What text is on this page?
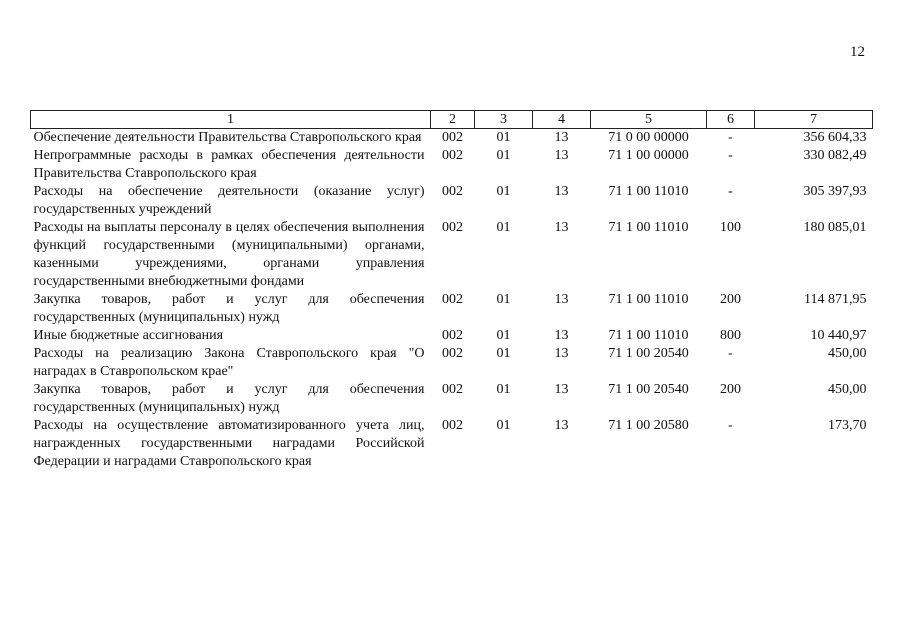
12
1	2	3	4	5	6	7
Обеспечение деятельности Правительства Ставропольского края	002	01	13	71 0 00 00000	-	356 604,33
Непрограммные расходы в рамках обеспечения деятельности Правительства Ставропольского края	002	01	13	71 1 00 00000	-	330 082,49
Расходы на обеспечение деятельности (оказание услуг) государственных учреждений	002	01	13	71 1 00 11010	-	305 397,93
Расходы на выплаты персоналу в целях обеспечения выполнения функций государственными (муниципальными) органами, казенными учреждениями, органами управления государственными внебюджетными фондами	002	01	13	71 1 00 11010	100	180 085,01
Закупка товаров, работ и услуг для обеспечения государственных (муниципальных) нужд	002	01	13	71 1 00 11010	200	114 871,95
Иные бюджетные ассигнования	002	01	13	71 1 00 11010	800	10 440,97
Расходы на реализацию Закона Ставропольского края "О наградах в Ставропольском крае"	002	01	13	71 1 00 20540	-	450,00
Закупка товаров, работ и услуг для обеспечения государственных (муниципальных) нужд	002	01	13	71 1 00 20540	200	450,00
Расходы на осуществление автоматизированного учета лиц, награжденных государственными наградами Российской Федерации и наградами Ставропольского края	002	01	13	71 1 00 20580	-	173,70
